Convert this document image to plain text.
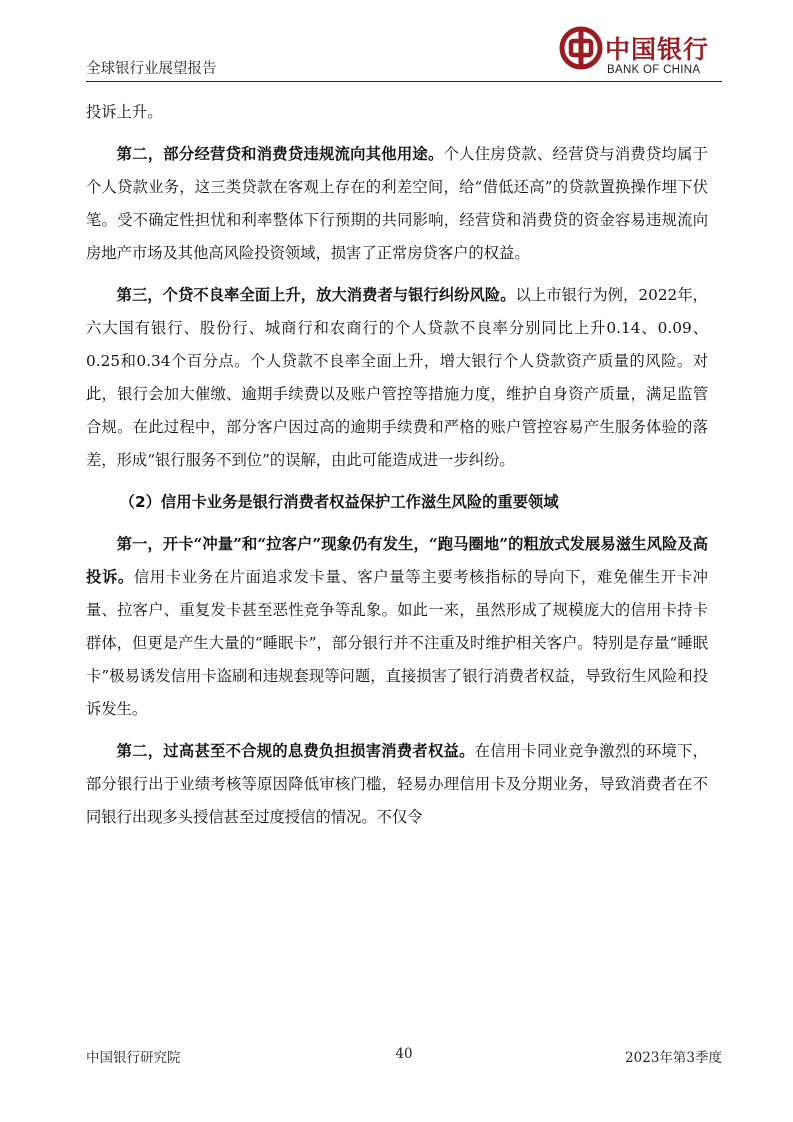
全球银行业展望报告
中国银行
BANK OF CHINA

投诉上升。

第二，部分经营贷和消费贷违规流向其他用途。个人住房贷款、经营贷与消费贷均属于个人贷款业务，这三类贷款在客观上存在的利差空间，给“借低还高”的贷款置换操作埋下伏笔。受不确定性担忧和利率整体下行预期的共同影响，经营贷和消费贷的资金容易违规流向房地产市场及其他高风险投资领域，损害了正常房贷客户的权益。

第三，个贷不良率全面上升，放大消费者与银行纠纷风险。以上市银行为例，2022年，六大国有银行、股份行、城商行和农商行的个人贷款不良率分别同比上升0.14、0.09、0.25和0.34个百分点。个人贷款不良率全面上升，增大银行个人贷款资产质量的风险。对此，银行会加大催缴、逾期手续费以及账户管控等措施力度，维护自身资产质量，满足监管合规。在此过程中，部分客户因过高的逾期手续费和严格的账户管控容易产生服务体验的落差，形成“银行服务不到位”的误解，由此可能造成进一步纠纷。

（2）信用卡业务是银行消费者权益保护工作滋生风险的重要领域

第一，开卡“冲量”和“拉客户”现象仍有发生，“跑马圈地”的粗放式发展易滋生风险及高投诉。信用卡业务在片面追求发卡量、客户量等主要考核指标的导向下，难免催生开卡冲量、拉客户、重复发卡甚至恶性竞争等乱象。如此一来，虽然形成了规模庞大的信用卡持卡群体，但更是产生大量的“睡眠卡”，部分银行并不注重及时维护相关客户。特别是存量“睡眠卡”极易诱发信用卡盗刷和违规套现等问题，直接损害了银行消费者权益，导致衍生风险和投诉发生。

第二，过高甚至不合规的息费负担损害消费者权益。在信用卡同业竞争激烈的环境下，部分银行出于业绩考核等原因降低审核门槛，轻易办理信用卡及分期业务，导致消费者在不同银行出现多头授信甚至过度授信的情况。不仅令

中国银行研究院	40	2023年第3季度
